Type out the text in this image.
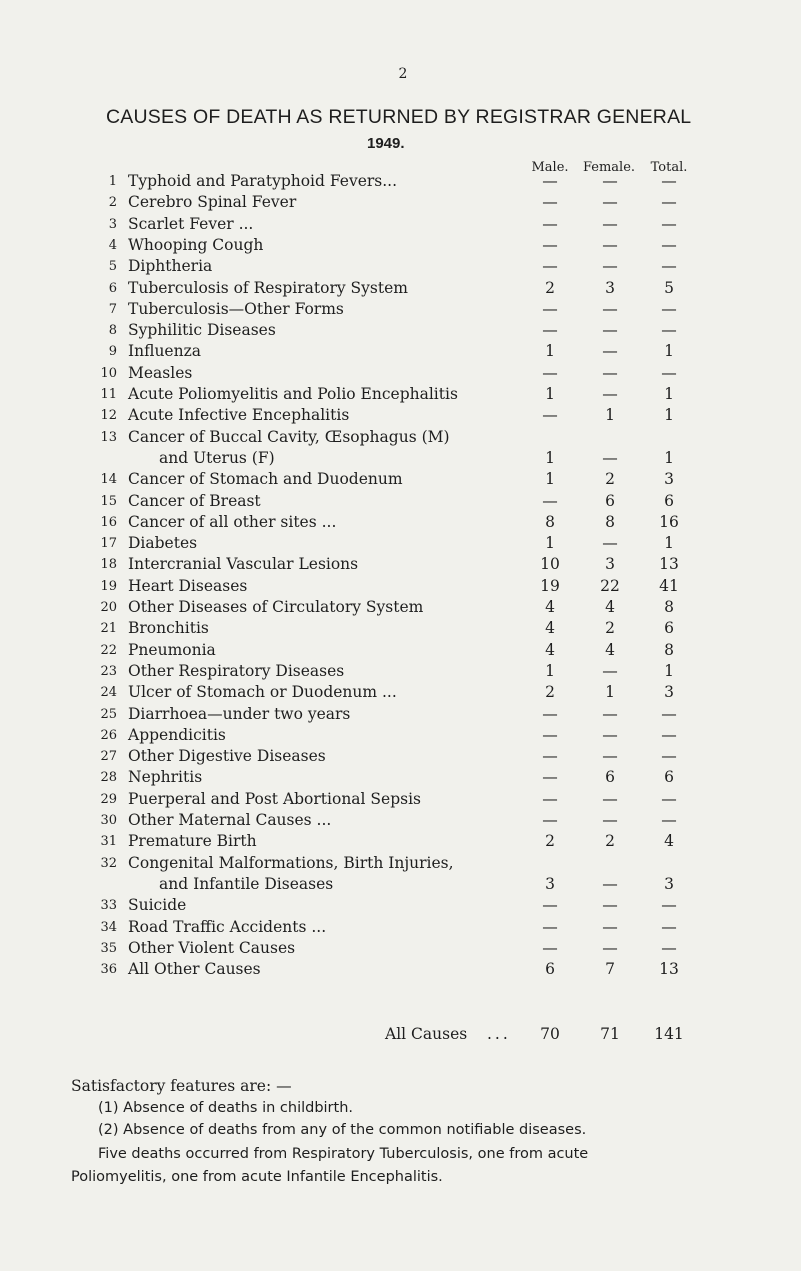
2
CAUSES OF DEATH AS RETURNED BY REGISTRAR GENERAL
1949.
Male.	Female.	Total.
1 Typhoid and Paratyphoid Fevers...	—	—	—
2 Cerebro Spinal Fever	—	—	—
3 Scarlet Fever ...	—	—	—
4 Whooping Cough	—	—	—
5 Diphtheria	—	—	—
6 Tuberculosis of Respiratory System	2	3	5
7 Tuberculosis—Other Forms	—	—	—
8 Syphilitic Diseases	—	—	—
9 Influenza	1	—	1
10 Measles	—	—	—
11 Acute Poliomyelitis and Polio Encephalitis	1	—	1
12 Acute Infective Encephalitis	—	1	1
13 Cancer of Buccal Cavity, Œsophagus (M)
and Uterus (F)	1	—	1
14 Cancer of Stomach and Duodenum	1	2	3
15 Cancer of Breast	—	6	6
16 Cancer of all other sites ...	8	8	16
17 Diabetes	1	—	1
18 Intercranial Vascular Lesions	10	3	13
19 Heart Diseases	19	22	41
20 Other Diseases of Circulatory System	4	4	8
21 Bronchitis	4	2	6
22 Pneumonia	4	4	8
23 Other Respiratory Diseases	1	—	1
24 Ulcer of Stomach or Duodenum ...	2	1	3
25 Diarrhoea—under two years	—	—	—
26 Appendicitis	—	—	—
27 Other Digestive Diseases	—	—	—
28 Nephritis	—	6	6
29 Puerperal and Post Abortional Sepsis	—	—	—
30 Other Maternal Causes ...	—	—	—
31 Premature Birth	2	2	4
32 Congenital Malformations, Birth Injuries,
and Infantile Diseases	3	—	3
33 Suicide	—	—	—
34 Road Traffic Accidents ...	—	—	—
35 Other Violent Causes	—	—	—
36 All Other Causes	6	7	13
All Causes ...	70	71	141
Satisfactory features are: —
(1) Absence of deaths in childbirth.
(2) Absence of deaths from any of the common notifiable diseases.
Five deaths occurred from Respiratory Tuberculosis, one from acute
Poliomyelitis, one from acute Infantile Encephalitis.
